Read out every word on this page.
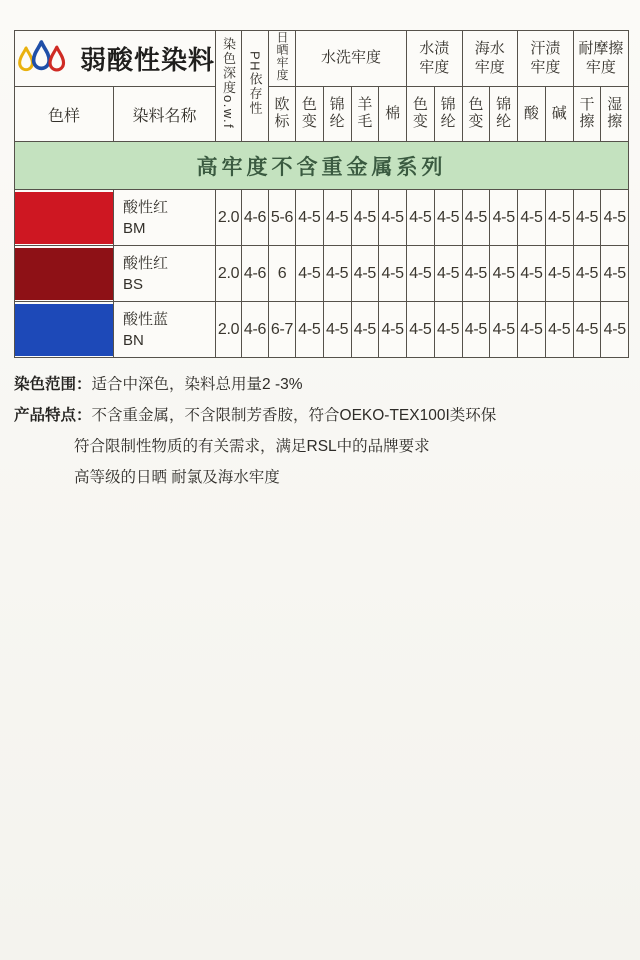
弱酸性染料		染色深度o.w.f	PH依存性	日晒牢度	水洗牢度				水渍牢度		海水牢度		汗渍牢度		耐摩擦牢度	
色样	染料名称			欧标	色变	锦纶	羊毛	棉	色变	锦纶	色变	锦纶	酸	碱	干擦	湿擦
高牢度不含重金属系列																

	酸性红
BM	2.0	4-6	5-6	4-5	4-5	4-5	4-5	4-5	4-5	4-5	4-5	4-5	4-5	4-5	4-5

	酸性红
BS	2.0	4-6	6	4-5	4-5	4-5	4-5	4-5	4-5	4-5	4-5	4-5	4-5	4-5	4-5

	酸性蓝
BN	2.0	4-6	6-7	4-5	4-5	4-5	4-5	4-5	4-5	4-5	4-5	4-5	4-5	4-5	4-5
染色范围：适合中深色，染料总用量2 -3%
产品特点：不含重金属，不含限制芳香胺，符合OEKO-TEX100I类环保
符合限制性物质的有关需求，满足RSL中的品牌要求
高等级的日晒 耐氯及海水牢度
